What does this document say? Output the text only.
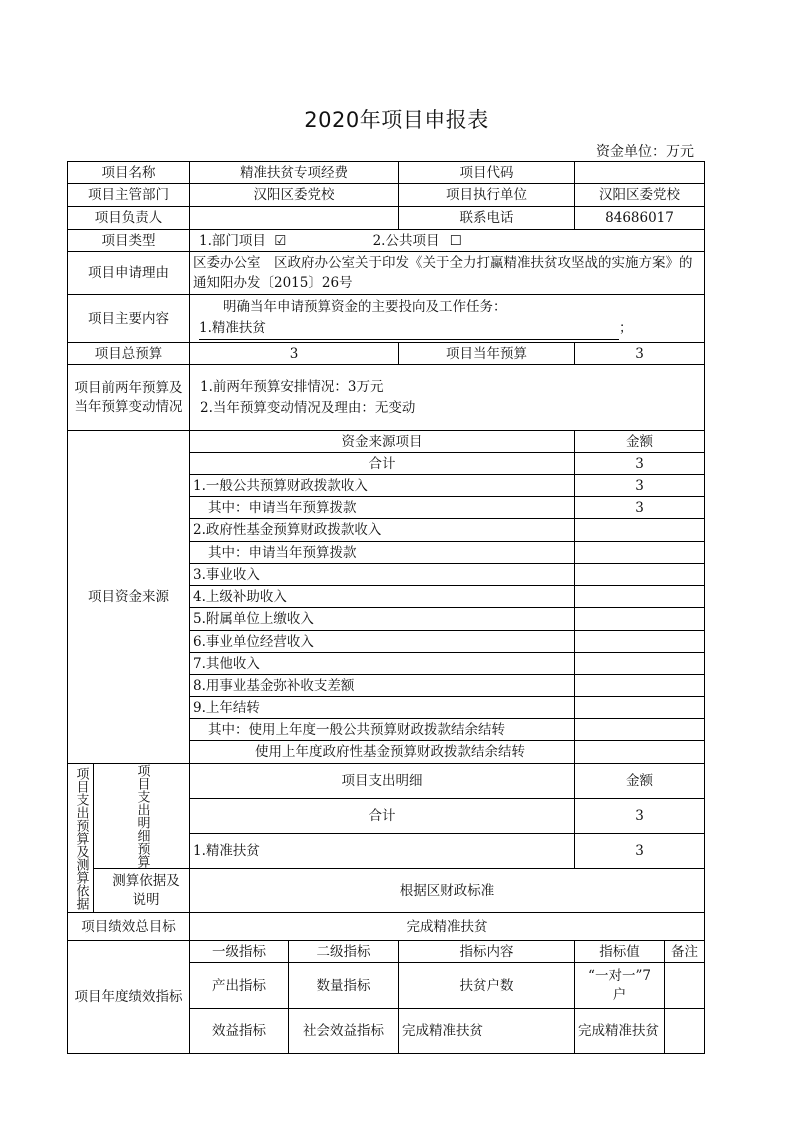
2020年项目申报表
资金单位：万元
项目名称		精准扶贫专项经费		项目代码		
项目主管部门		汉阳区委党校		项目执行单位	汉阳区委党校	
项目负责人				联系电话	84686017	
项目类型		1.部门项目 ☑ 2.公共项目 ☐				
项目申请理由		区委办公室　区政府办公室关于印发《关于全力打赢精准扶贫攻坚战的实施方案》的通知阳办发〔2015〕26号				
项目主要内容		明确当年申请预算资金的主要投向及工作任务：
1.精准扶贫 ；				

项目总预算		3		项目当年预算	3	
项目前两年预算及当年预算变动情况		1.前两年预算安排情况：3万元
2.当年预算变动情况及理由：无变动				

项目资金来源		资金来源项目			金额	
		合计			3	
		1.一般公共预算财政拨款收入			3	
		其中：申请当年预算拨款			3	
		2.政府性基金预算财政拨款收入				
		其中：申请当年预算拨款				
		3.事业收入				
		4.上级补助收入				
		5.附属单位上缴收入				
		6.事业单位经营收入				
		7.其他收入				
		8.用事业基金弥补收支差额				
		9.上年结转				
		其中：使用上年度一般公共预算财政拨款结余结转				
		使用上年度政府性基金预算财政拨款结余结转				
项目支出预算及测算依据	项目支出明细预算	项目支出明细			金额	
		合计			3	
		1.精准扶贫			3	
	测算依据及说明	根据区财政标准				
项目绩效总目标		完成精准扶贫				
项目年度绩效指标		一级指标	二级指标	指标内容	指标值	备注
		产出指标	数量指标	扶贫户数	“一对一”7户	
		效益指标	社会效益指标	完成精准扶贫	完成精准扶贫	
